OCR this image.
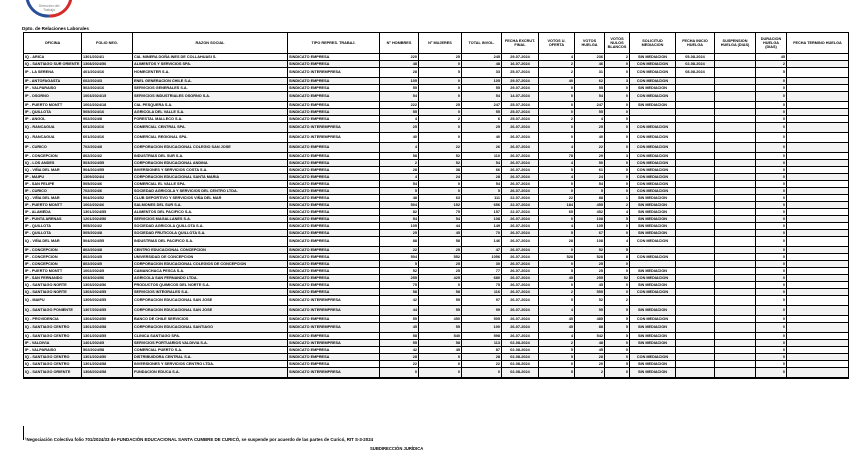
Dirección del
Trabajo
Dpto. de Relaciones Laborales
OFICINA	FOLIO NEG.	RAZON SOCIAL	TIPO REPRES. TRABAJ.	N° HOMBRES	N° MUJERES	TOTAL INVOL.	FECHA EXCRUT. FINAL	VOTOS U. OFERTA	VOTOS HUELGA	VOTOS NULOS BLANCOS	SOLICITUD MEDIACION	FECHA INICIO HUELGA	SUSPENSION HUELGA (DIAS)	DURACION HUELGA (DIAS)	FECHA TERMINO HUELGA
IQ - ARICA	1301/2024/1	CIA. MINERA DOÑA INES DE COLLAHUASI S.	SINDICATO EMPRESA	220	25	245	29-07-2024	4	236	2	SIN MEDIACION	05-08-2024		45	
IQ - SANTIAGO SUR ORIENTE	1308/2024/56	ALIMENTOS Y SERVICIOS SPA.	SINDICATO EMPRESA	48	0	48	16-07-2024	2	46	0	CON MEDIACION	02-08-2024		2	
IP - LA SERENA	401/2024/16	HOMECENTER S.A.	SINDICATO INTEREMPRESA	28	5	33	25-07-2024	2	31	0	CON MEDIACION	08-08-2024		5	
IP - ANTOFAGASTA	602/2024/3	ENEL GENERACION CHILE S.A.	SINDICATO EMPRESA	105	0	105	29-07-2024	40	62	3	CON MEDIACION			0	
IP - VALPARAISO	502/2024/16	SERVICIOS GENERALES S.A.	SINDICATO EMPRESA	55	0	55	29-07-2024	0	55	0	SIN MEDIACION			0	
IP - OSORNO	1003/2024/15	SERVICIOS INDUSTRIALES OSORNO S.A.	SINDICATO EMPRESA	54	0	54	14-07-2024	0	54	0	CON MEDIACION			0	
IP - PUERTO MONTT	1002/2024/18	CIA. PESQUERA S.A.	SINDICATO EMPRESA	222	25	247	25-07-2024	0	247	0	SIN MEDIACION			0	
IP - QUILLOTA	505/2024/16	AGRICOLA DEL VALLE S.A.	SINDICATO EMPRESA	55	0	55	25-07-2024	0	55	0				0	
IP - ANGOL	902/2024/8	FORESTAL MALLECO S.A.	SINDICATO EMPRESA	4	2	6	25-07-2024	2	4	0				0	
IQ - RANCAGUA	601/2024/16	COMERCIAL CENTRAL SPA.	SINDICATO INTEREMPRESA	25	0	25	26-07-2024	0	25	0	CON MEDIACION			0	
IQ - RANCAGUA	601/2024/16	COMERCIAL REGIONAL SPA.	SINDICATO INTEREMPRESA	40	0	40	26-07-2024	0	40	0	CON MEDIACION			0	
IP - CURICO	702/2024/8	CORPORACION EDUCACIONAL COLEGIO SAN JOSE	SINDICATO EMPRESA	4	22	26	26-07-2024	4	22	0	CON MEDIACION			0	
IP - CONCEPCION	802/2024/2	INDUSTRIAS DEL SUR S.A.	SINDICATO EMPRESA	58	52	110	26-07-2024	78	29	3	CON MEDIACION			0	
IQ - LOS ANDES	503/2024/55	CORPORACION EDUCACIONAL ANDINA	SINDICATO EMPRESA	2	52	54	26-07-2024	4	50	0	CON MEDIACION			0	
IQ - VIÑA DEL MAR	504/2024/55	INVERSIONES Y SERVICIOS COSTA S.A.	SINDICATO EMPRESA	28	38	66	26-07-2024	5	61	0	CON MEDIACION			0	
IP - MAIPU	1309/2024/4	CORPORACION EDUCACIONAL SANTA MARIA	SINDICATO EMPRESA	4	24	28	26-07-2024	4	24	0	CON MEDIACION			0	
IP - SAN FELIPE	505/2024/6	COMERCIAL EL VALLE SPA.	SINDICATO EMPRESA	54	0	54	26-07-2024	0	54	0	CON MEDIACION			0	
IP - CURICO	702/2024/6	SOCIEDAD AGRICOLA Y SERVICIOS DEL CENTRO LTDA.	SINDICATO EMPRESA	5	0	5	26-07-2024	0	5	0	CON MEDIACION			0	
IQ - VIÑA DEL MAR	504/2024/52	CLUB DEPORTIVO Y SERVICIOS VIÑA DEL MAR	SINDICATO EMPRESA	48	63	111	22-07-2024	22	88	1	SIN MEDIACION			0	
IP - PUERTO MONTT	1002/2024/6	SALMONES DEL SUR S.A.	SINDICATO EMPRESA	504	152	656	22-07-2024	184	455	2	SIN MEDIACION			0	
IP - ALAMEDA	1301/2024/55	ALIMENTOS DEL PACIFICO S.A.	SINDICATO EMPRESA	82	75	157	22-07-2024	65	452	4	SIN MEDIACION			0	
IP - PUNTA ARENAS	1201/2024/56	SERVICIOS MAGALLANES S.A.	SINDICATO EMPRESA	54	54	108	26-07-2024	0	108	5	SIN MEDIACION			0	
IP - QUILLOTA	505/2024/2	SOCIEDAD AGRICOLA QUILLOTA S.A.	SINDICATO EMPRESA	105	44	149	26-07-2024	4	105	0	SIN MEDIACION			0	
IP - QUILLOTA	505/2024/8	SOCIEDAD FRUTICOLA QUILLOTA S.A.	SINDICATO EMPRESA	25	45	70	26-07-2024	5	67	0	SIN MEDIACION			0	
IQ - VIÑA DEL MAR	504/2024/55	INDUSTRIAS DEL PACIFICO S.A.	SINDICATO EMPRESA	88	58	146	26-07-2024	28	108	4	CON MEDIACION			0	
IP - CONCEPCION	802/2024/8	CENTRO EDUCACIONAL CONCEPCION	SINDICATO EMPRESA	22	25	47	26-07-2024	0	52	5				0	
IP - CONCEPCION	802/2024/5	UNIVERSIDAD DE CONCEPCION	SINDICATO EMPRESA	504	552	1056	26-07-2024	528	528	8	CON MEDIACION			0	
IP - CONCEPCION	802/2024/5	CORPORACION EDUCACIONAL COLEGIOS DE CONCEPCION	SINDICATO EMPRESA	5	25	30	26-07-2024	0	25	0				0	
IP - PUERTO MONTT	1002/2024/5	CAMANCHACA PESCA S.A.	SINDICATO EMPRESA	52	25	77	26-07-2024	5	25	0	SIN MEDIACION			0	
IP - SAN FERNANDO	603/2024/56	AGRICOLA SAN FERNANDO LTDA.	SINDICATO EMPRESA	255	425	680	26-07-2024	45	255	52	CON MEDIACION			0	
IQ - SANTIAGO NORTE	1303/2024/56	PRODUCTOS QUIMICOS DEL NORTE S.A.	SINDICATO EMPRESA	75	0	75	26-07-2024	0	45	0	SIN MEDIACION			0	
IQ - SANTIAGO NORTE	1303/2024/55	SERVICIOS INTEGRALES S.A.	SINDICATO EMPRESA	58	58	116	26-07-2024	2	555	0	CON MEDIACION			0	
IQ - MAIPU	1309/2024/55	CORPORACION EDUCACIONAL SAN JOSE	SINDICATO INTEREMPRESA	42	55	97	26-07-2024	5	52	2				0	
IQ - SANTIAGO PONIENTE	1307/2024/55	CORPORACION EDUCACIONAL SAN JOSE	SINDICATO INTEREMPRESA	44	55	99	26-07-2024	4	55	5	SIN MEDIACION			0	
IQ - PROVIDENCIA	1304/2024/50	BANCO DE CHILE SERVICIOS	SINDICATO EMPRESA	55	450	505	26-07-2024	45	485	5	CON MEDIACION			0	
IQ - SANTIAGO CENTRO	1301/2024/58	CORPORACION EDUCACIONAL SANTIAGO	SINDICATO INTEREMPRESA	45	55	100	26-07-2024	45	88	5	SIN MEDIACION			0	
IQ - SANTIAGO CENTRO	1301/2024/55	CLINICA SANTIAGO SPA.	SINDICATO EMPRESA	58	540	598	26-07-2024	4	542	5	SIN MEDIACION			0	
IP - VALDIVIA	1401/2024/5	SERVICIOS PORTUARIOS VALDIVIA S.A.	SINDICATO INTEREMPRESA	55	58	113	02-08-2024	2	48	0	SIN MEDIACION			0	
IP - VALPARAISO	502/2024/58	COMERCIAL PUERTO S.A.	SINDICATO EMPRESA	42	45	87	02-08-2024	5	45	0				0	
IQ - SANTIAGO CENTRO	1301/2024/50	DISTRIBUIDORA CENTRAL S.A.	SINDICATO EMPRESA	28	0	28	02-08-2024	5	28	0	CON MEDIACION			0	
IQ - SANTIAGO CENTRO	1301/2024/58	INVERSIONES Y SERVICIOS CENTRO LTDA.	SINDICATO EMPRESA	22	0	22	02-08-2024	0	20	5	SIN MEDIACION			0	
IQ - SANTIAGO ORIENTE	1308/2024/58	FUNDACION EDUCA S.A.	SINDICATO INTEREMPRESA	0	0	0	02-08-2024	5	2	0	SIN MEDIACION			0	
¹Negociación Colectiva folio 701/2024/33 de FUNDACIÓN EDUCACIONAL SANTA CUMBRE DE CURICÓ, se suspende por acuerdo de las partes de Curicó, RIT S-3-2024
SUBDIRECCIÓN JURÍDICA
